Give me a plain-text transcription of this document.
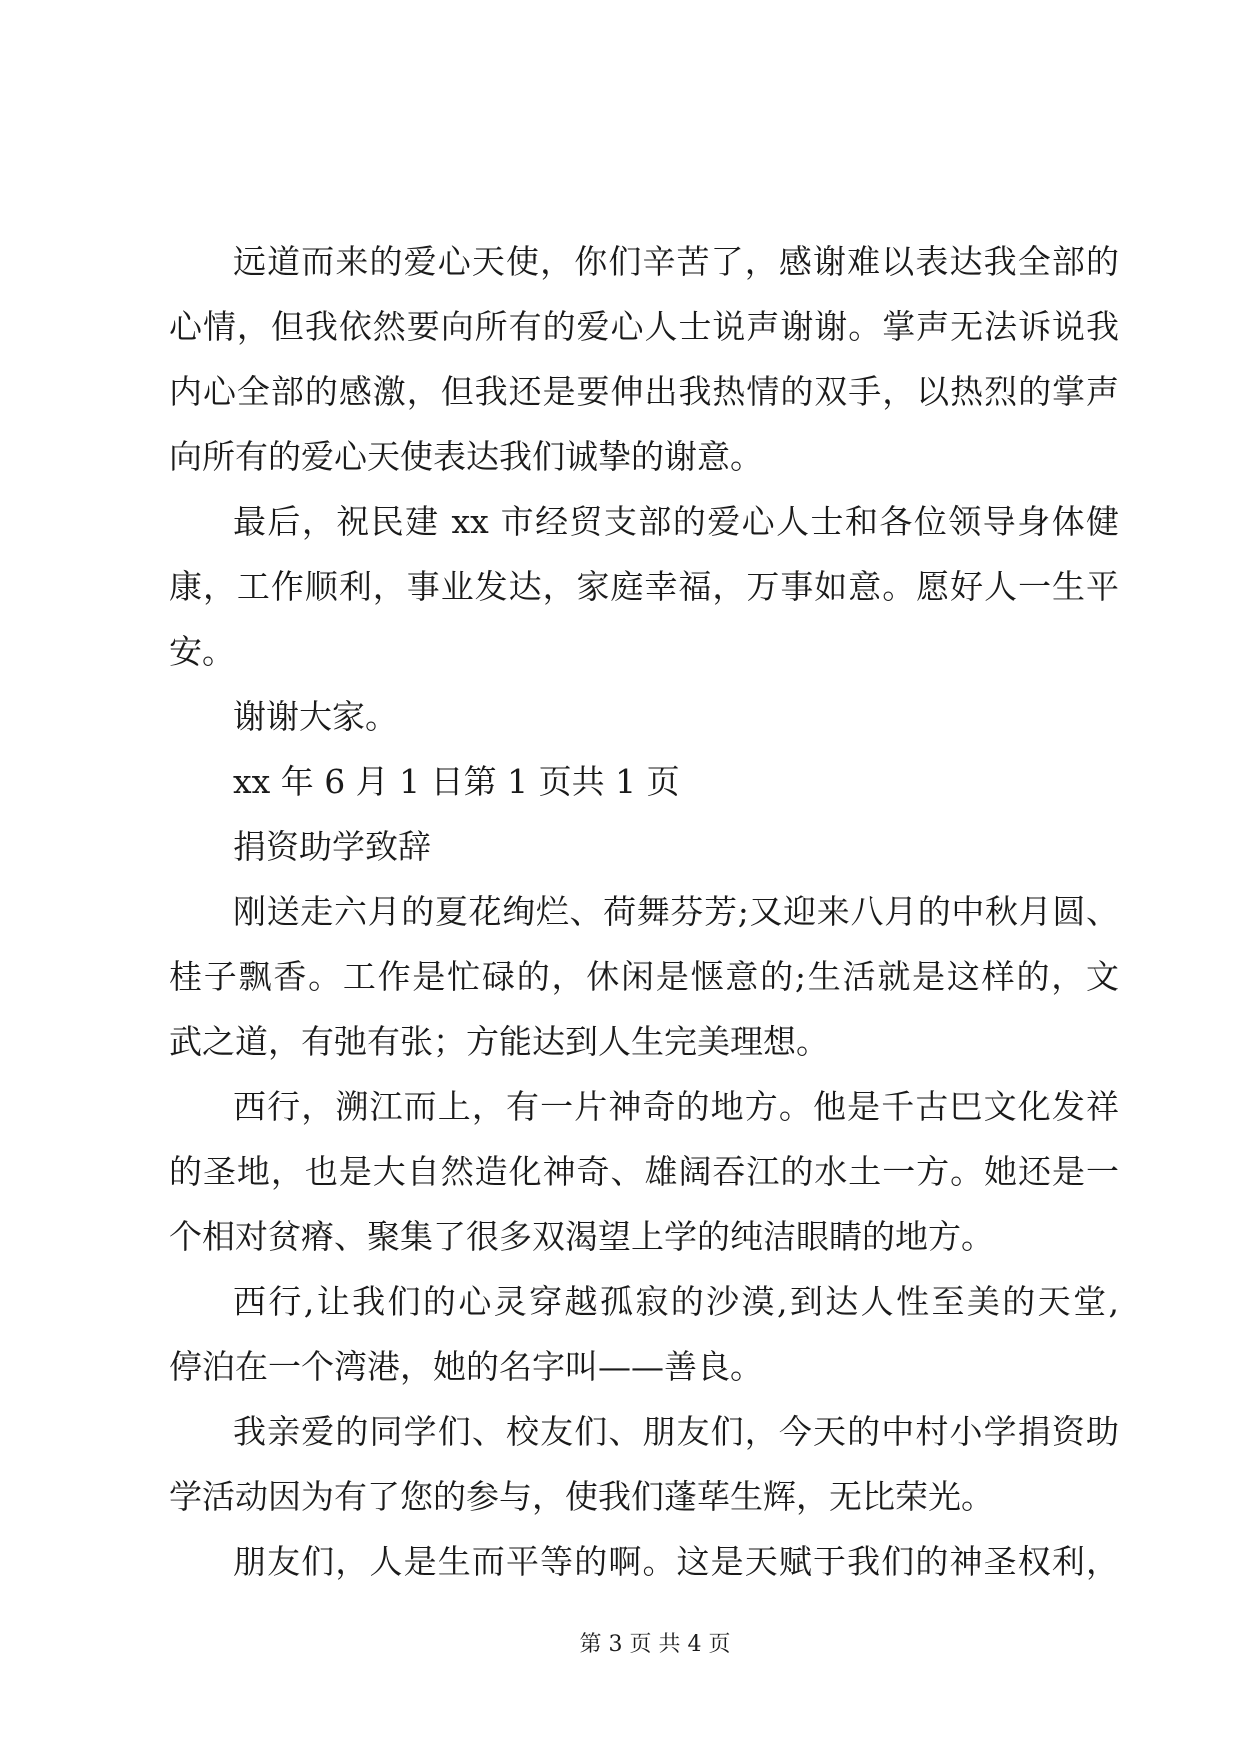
远道而来的爱心天使，你们辛苦了，感谢难以表达我全部的
心情，但我依然要向所有的爱心人士说声谢谢。掌声无法诉说我
内心全部的感激，但我还是要伸出我热情的双手，以热烈的掌声
向所有的爱心天使表达我们诚挚的谢意。
最后，祝民建 xx 市经贸支部的爱心人士和各位领导身体健
康，工作顺利，事业发达，家庭幸福，万事如意。愿好人一生平
安。
谢谢大家。
xx 年 6 月 1 日第 1 页共 1 页
捐资助学致辞
刚送走六月的夏花绚烂、荷舞芬芳;又迎来八月的中秋月圆、
桂子飘香。工作是忙碌的，休闲是惬意的;生活就是这样的，文
武之道，有弛有张；方能达到人生完美理想。
西行，溯江而上，有一片神奇的地方。他是千古巴文化发祥
的圣地，也是大自然造化神奇、雄阔吞江的水土一方。她还是一
个相对贫瘠、聚集了很多双渴望上学的纯洁眼睛的地方。
西行,让我们的心灵穿越孤寂的沙漠,到达人性至美的天堂,
停泊在一个湾港，她的名字叫——善良。
我亲爱的同学们、校友们、朋友们，今天的中村小学捐资助
学活动因为有了您的参与，使我们蓬荜生辉，无比荣光。
朋友们，人是生而平等的啊。这是天赋于我们的神圣权利，
第 3 页 共 4 页
